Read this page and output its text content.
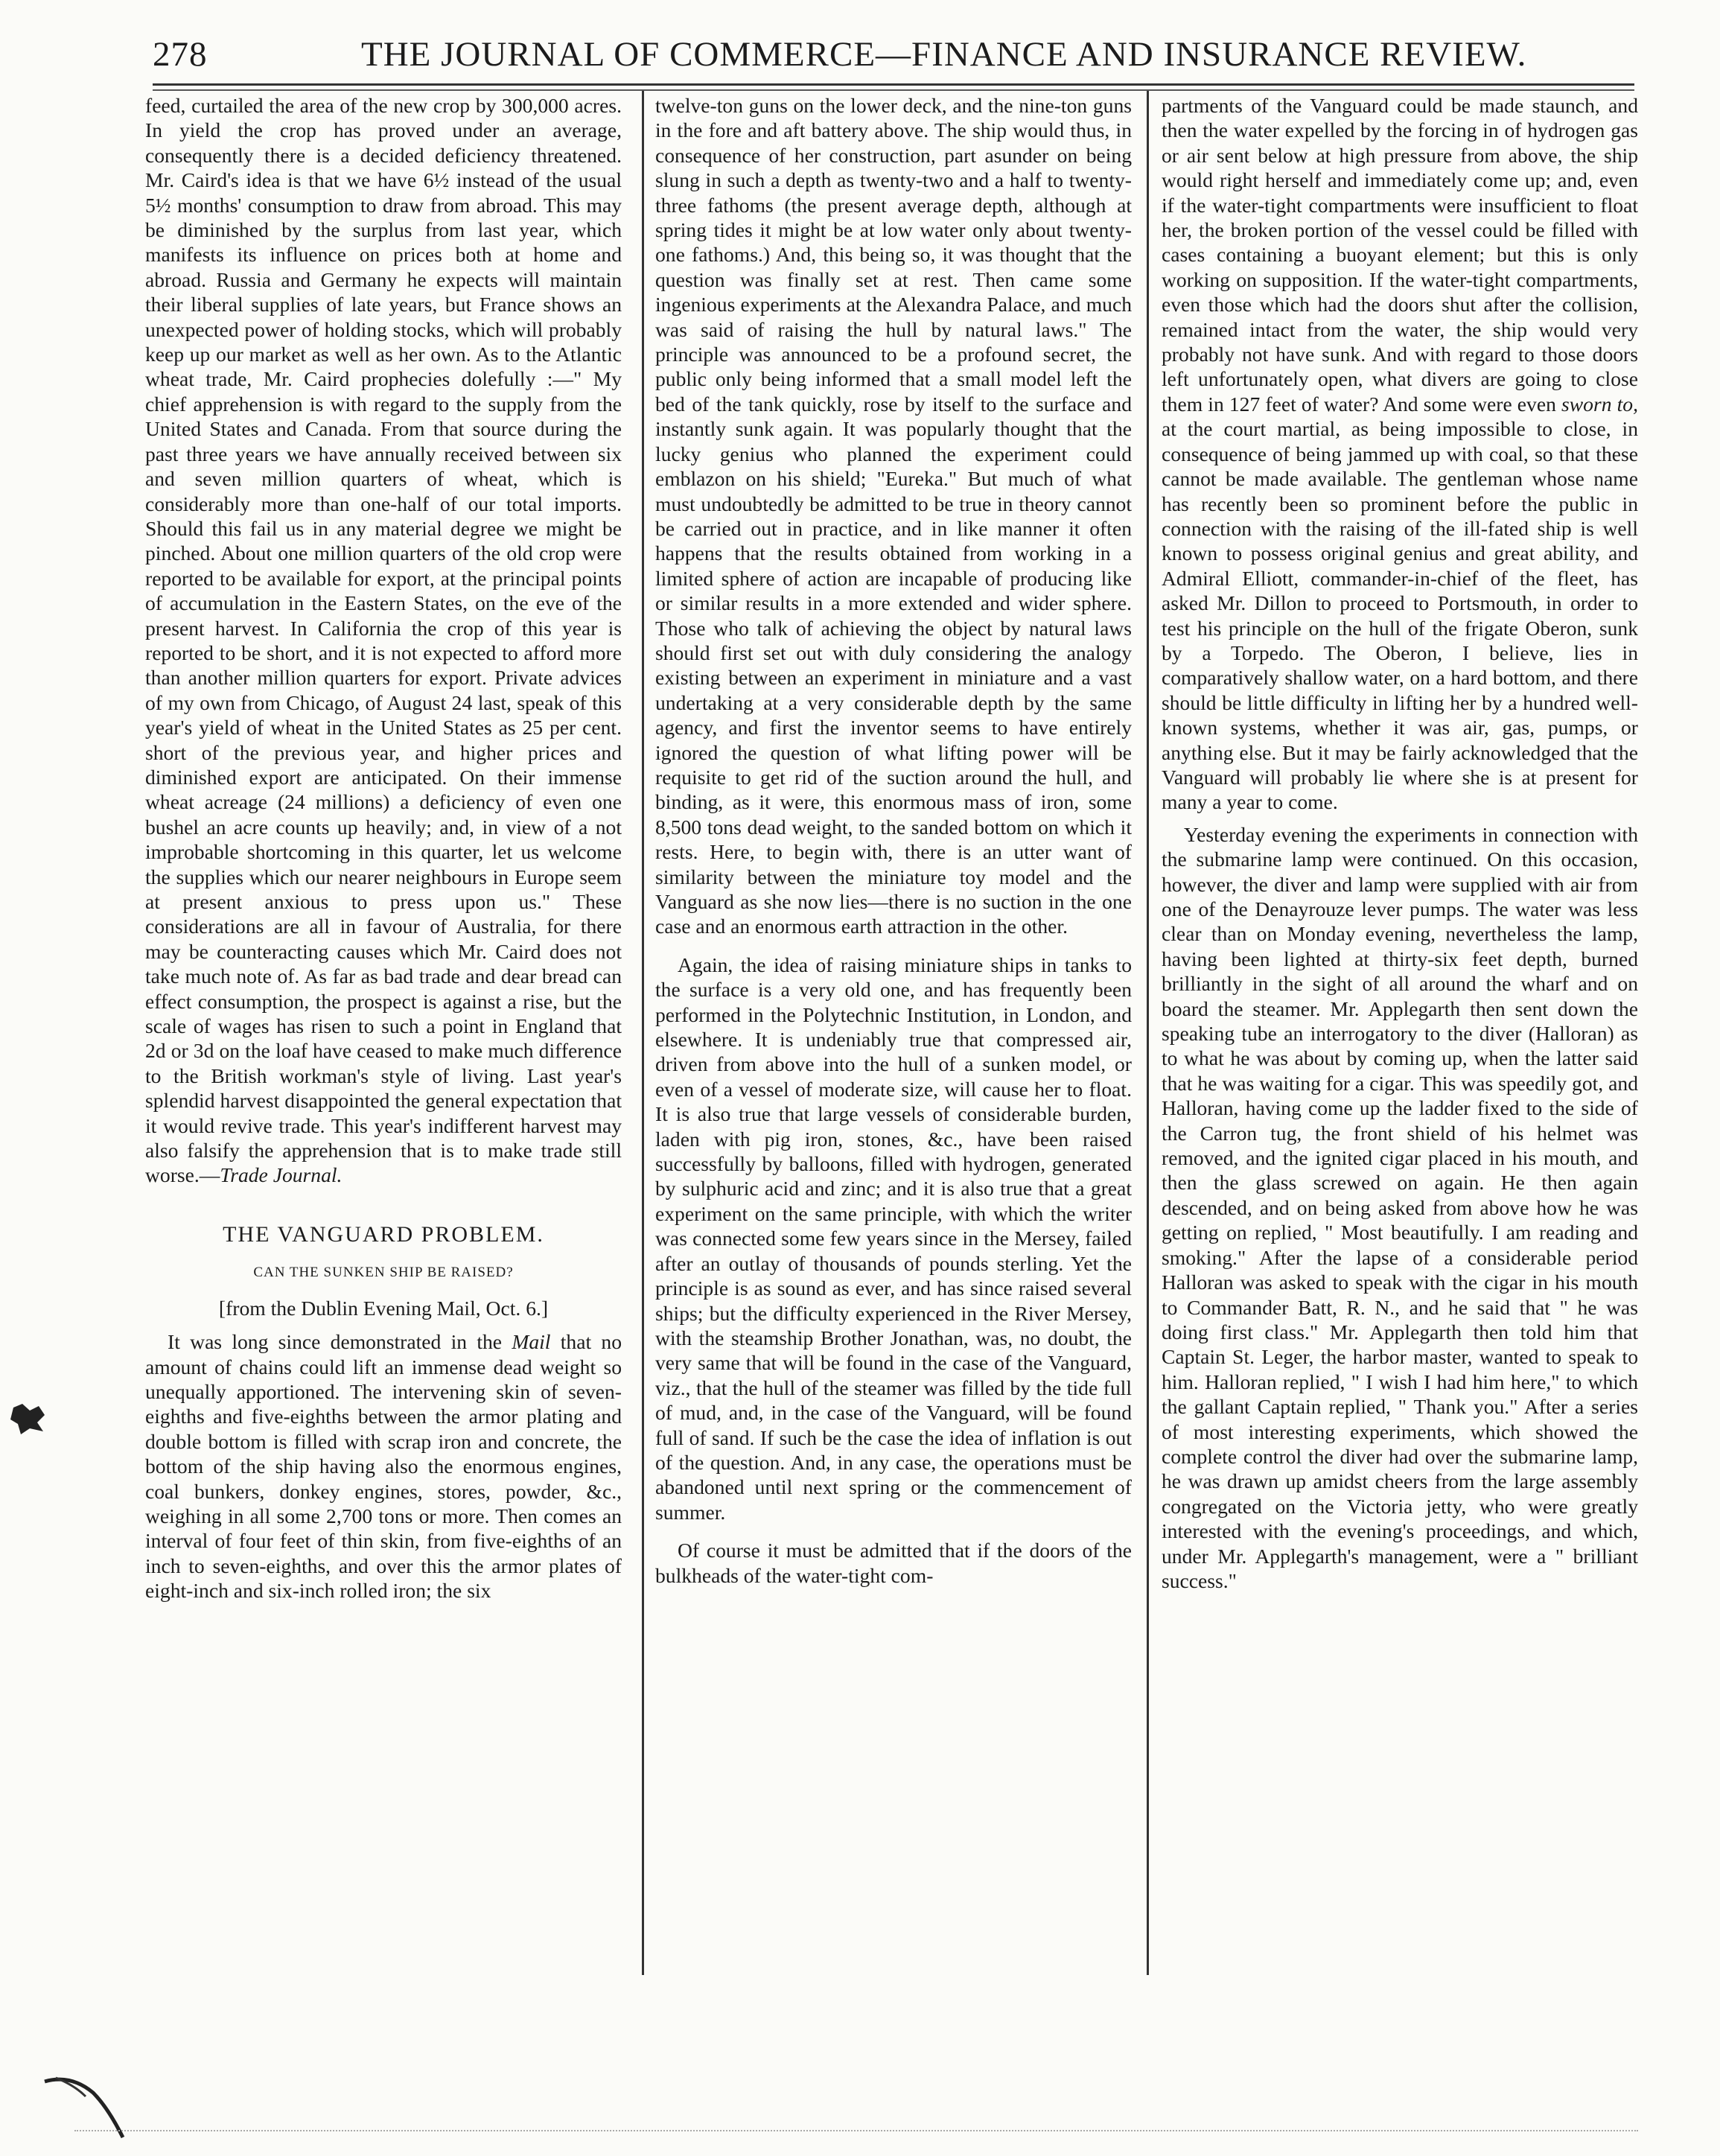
278	THE JOURNAL OF COMMERCE—FINANCE AND INSURANCE REVIEW.

feed, curtailed the area of the new crop by 300,000 acres. In yield the crop has proved under an average, consequently there is a decided deficiency threatened. Mr. Caird's idea is that we have 6½ instead of the usual 5½ months' consumption to draw from abroad. This may be diminished by the surplus from last year, which manifests its influence on prices both at home and abroad. Russia and Germany he expects will maintain their liberal supplies of late years, but France shows an unexpected power of holding stocks, which will probably keep up our market as well as her own. As to the Atlantic wheat trade, Mr. Caird prophecies dolefully :—" My chief apprehension is with regard to the supply from the United States and Canada. From that source during the past three years we have annually received between six and seven million quarters of wheat, which is considerably more than one-half of our total imports. Should this fail us in any material degree we might be pinched. About one million quarters of the old crop were reported to be available for export, at the principal points of accumulation in the Eastern States, on the eve of the present harvest. In California the crop of this year is reported to be short, and it is not expected to afford more than another million quarters for export. Private advices of my own from Chicago, of August 24 last, speak of this year's yield of wheat in the United States as 25 per cent. short of the previous year, and higher prices and diminished export are anticipated. On their immense wheat acreage (24 millions) a deficiency of even one bushel an acre counts up heavily; and, in view of a not improbable shortcoming in this quarter, let us welcome the supplies which our nearer neighbours in Europe seem at present anxious to press upon us." These considerations are all in favour of Australia, for there may be counteracting causes which Mr. Caird does not take much note of. As far as bad trade and dear bread can effect consumption, the prospect is against a rise, but the scale of wages has risen to such a point in England that 2d or 3d on the loaf have ceased to make much difference to the British workman's style of living. Last year's splendid harvest disappointed the general expectation that it would revive trade. This year's indifferent harvest may also falsify the apprehension that is to make trade still worse.—Trade Journal.

THE VANGUARD PROBLEM.
CAN THE SUNKEN SHIP BE RAISED?
[from the Dublin Evening Mail, Oct. 6.]

It was long since demonstrated in the Mail that no amount of chains could lift an immense dead weight so unequally apportioned. The intervening skin of seven-eighths and five-eighths between the armor plating and double bottom is filled with scrap iron and concrete, the bottom of the ship having also the enormous engines, coal bunkers, donkey engines, stores, powder, &c., weighing in all some 2,700 tons or more. Then comes an interval of four feet of thin skin, from five-eighths of an inch to seven-eighths, and over this the armor plates of eight-inch and six-inch rolled iron; the six

twelve-ton guns on the lower deck, and the nine-ton guns in the fore and aft battery above. The ship would thus, in consequence of her construction, part asunder on being slung in such a depth as twenty-two and a half to twenty-three fathoms (the present average depth, although at spring tides it might be at low water only about twenty-one fathoms.) And, this being so, it was thought that the question was finally set at rest. Then came some ingenious experiments at the Alexandra Palace, and much was said of raising the hull by natural laws." The principle was announced to be a profound secret, the public only being informed that a small model left the bed of the tank quickly, rose by itself to the surface and instantly sunk again. It was popularly thought that the lucky genius who planned the experiment could emblazon on his shield; "Eureka." But much of what must undoubtedly be admitted to be true in theory cannot be carried out in practice, and in like manner it often happens that the results obtained from working in a limited sphere of action are incapable of producing like or similar results in a more extended and wider sphere. Those who talk of achieving the object by natural laws should first set out with duly considering the analogy existing between an experiment in miniature and a vast undertaking at a very considerable depth by the same agency, and first the inventor seems to have entirely ignored the question of what lifting power will be requisite to get rid of the suction around the hull, and binding, as it were, this enormous mass of iron, some 8,500 tons dead weight, to the sanded bottom on which it rests. Here, to begin with, there is an utter want of similarity between the miniature toy model and the Vanguard as she now lies—there is no suction in the one case and an enormous earth attraction in the other.

Again, the idea of raising miniature ships in tanks to the surface is a very old one, and has frequently been performed in the Polytechnic Institution, in London, and elsewhere. It is undeniably true that compressed air, driven from above into the hull of a sunken model, or even of a vessel of moderate size, will cause her to float. It is also true that large vessels of considerable burden, laden with pig iron, stones, &c., have been raised successfully by balloons, filled with hydrogen, generated by sulphuric acid and zinc; and it is also true that a great experiment on the same principle, with which the writer was connected some few years since in the Mersey, failed after an outlay of thousands of pounds sterling. Yet the principle is as sound as ever, and has since raised several ships; but the difficulty experienced in the River Mersey, with the steamship Brother Jonathan, was, no doubt, the very same that will be found in the case of the Vanguard, viz., that the hull of the steamer was filled by the tide full of mud, and, in the case of the Vanguard, will be found full of sand. If such be the case the idea of inflation is out of the question. And, in any case, the operations must be abandoned until next spring or the commencement of summer.

Of course it must be admitted that if the doors of the bulkheads of the water-tight com-

partments of the Vanguard could be made staunch, and then the water expelled by the forcing in of hydrogen gas or air sent below at high pressure from above, the ship would right herself and immediately come up; and, even if the water-tight compartments were insufficient to float her, the broken portion of the vessel could be filled with cases containing a buoyant element; but this is only working on supposition. If the water-tight compartments, even those which had the doors shut after the collision, remained intact from the water, the ship would very probably not have sunk. And with regard to those doors left unfortunately open, what divers are going to close them in 127 feet of water? And some were even sworn to, at the court martial, as being impossible to close, in consequence of being jammed up with coal, so that these cannot be made available. The gentleman whose name has recently been so prominent before the public in connection with the raising of the ill-fated ship is well known to possess original genius and great ability, and Admiral Elliott, commander-in-chief of the fleet, has asked Mr. Dillon to proceed to Portsmouth, in order to test his principle on the hull of the frigate Oberon, sunk by a Torpedo. The Oberon, I believe, lies in comparatively shallow water, on a hard bottom, and there should be little difficulty in lifting her by a hundred well-known systems, whether it was air, gas, pumps, or anything else. But it may be fairly acknowledged that the Vanguard will probably lie where she is at present for many a year to come.

Yesterday evening the experiments in connection with the submarine lamp were continued. On this occasion, however, the diver and lamp were supplied with air from one of the Denayrouze lever pumps. The water was less clear than on Monday evening, nevertheless the lamp, having been lighted at thirty-six feet depth, burned brilliantly in the sight of all around the wharf and on board the steamer. Mr. Applegarth then sent down the speaking tube an interrogatory to the diver (Halloran) as to what he was about by coming up, when the latter said that he was waiting for a cigar. This was speedily got, and Halloran, having come up the ladder fixed to the side of the Carron tug, the front shield of his helmet was removed, and the ignited cigar placed in his mouth, and then the glass screwed on again. He then again descended, and on being asked from above how he was getting on replied, " Most beautifully. I am reading and smoking." After the lapse of a considerable period Halloran was asked to speak with the cigar in his mouth to Commander Batt, R. N., and he said that " he was doing first class." Mr. Applegarth then told him that Captain St. Leger, the harbor master, wanted to speak to him. Halloran replied, " I wish I had him here," to which the gallant Captain replied, " Thank you." After a series of most interesting experiments, which showed the complete control the diver had over the submarine lamp, he was drawn up amidst cheers from the large assembly congregated on the Victoria jetty, who were greatly interested with the evening's proceedings, and which, under Mr. Applegarth's management, were a " brilliant success."
